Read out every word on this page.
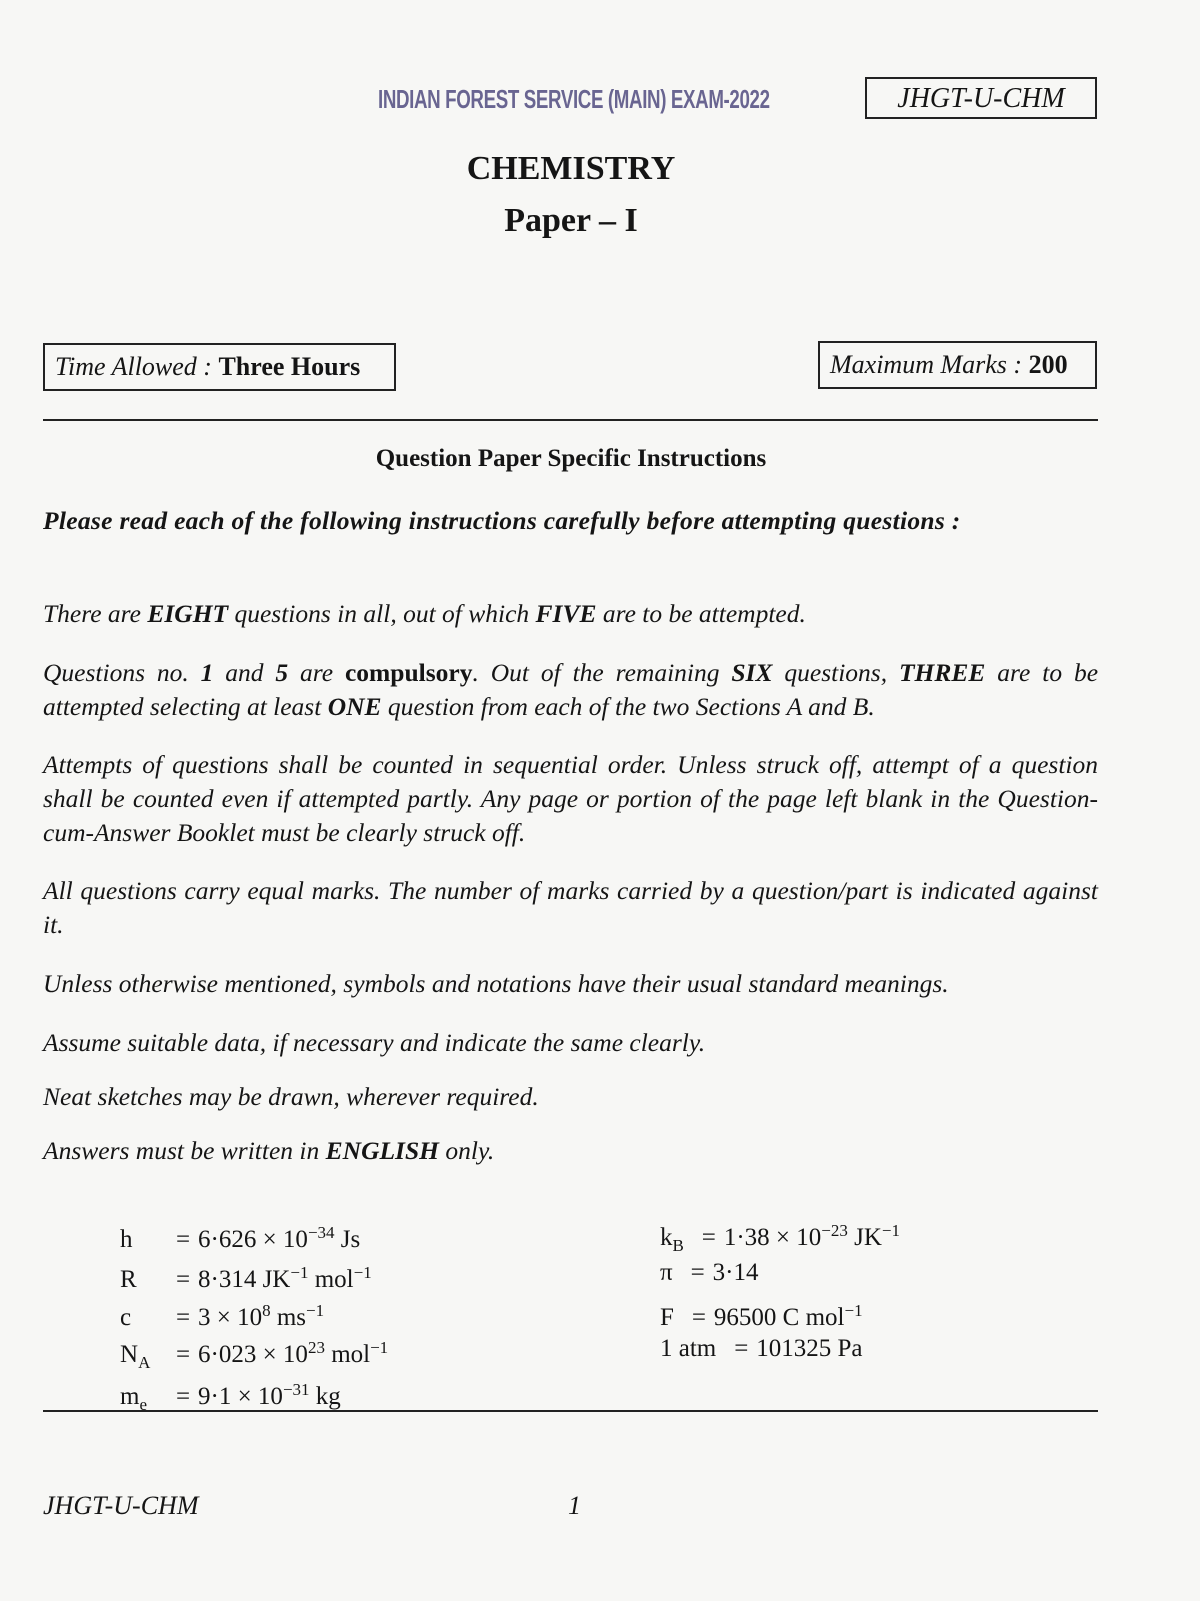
INDIAN FOREST SERVICE (MAIN) EXAM-2022	JHGT-U-CHM
CHEMISTRY
Paper – I
Time Allowed : Three Hours	Maximum Marks : 200
Question Paper Specific Instructions

Please read each of the following instructions carefully before attempting questions :

There are EIGHT questions in all, out of which FIVE are to be attempted.

Questions no. 1 and 5 are compulsory. Out of the remaining SIX questions, THREE are to be attempted selecting at least ONE question from each of the two Sections A and B.

Attempts of questions shall be counted in sequential order. Unless struck off, attempt of a question shall be counted even if attempted partly. Any page or portion of the page left blank in the Question-cum-Answer Booklet must be clearly struck off.

All questions carry equal marks. The number of marks carried by a question/part is indicated against it.

Unless otherwise mentioned, symbols and notations have their usual standard meanings.

Assume suitable data, if necessary and indicate the same clearly.

Neat sketches may be drawn, wherever required.

Answers must be written in ENGLISH only.

$h = 6\cdot 626 \times 10^{-34}$ Js
R = 8·314 $JK^{-1}$ mol$^{-1}$
$c = 3 \times 10^8$ $ms^{-1}$
$N_A = 6\cdot 023 \times 10^{23}$ mol$^{-1}$
$m_e = 9\cdot 1 \times 10^{-31}$ kg
$k_B = 1\cdot 38 \times 10^{-23}$ $JK^{-1}$
π = 3·14
F = 96500 C mol$^{-1}$
1 atm = 101325 Pa
JHGT-U-CHM	1
